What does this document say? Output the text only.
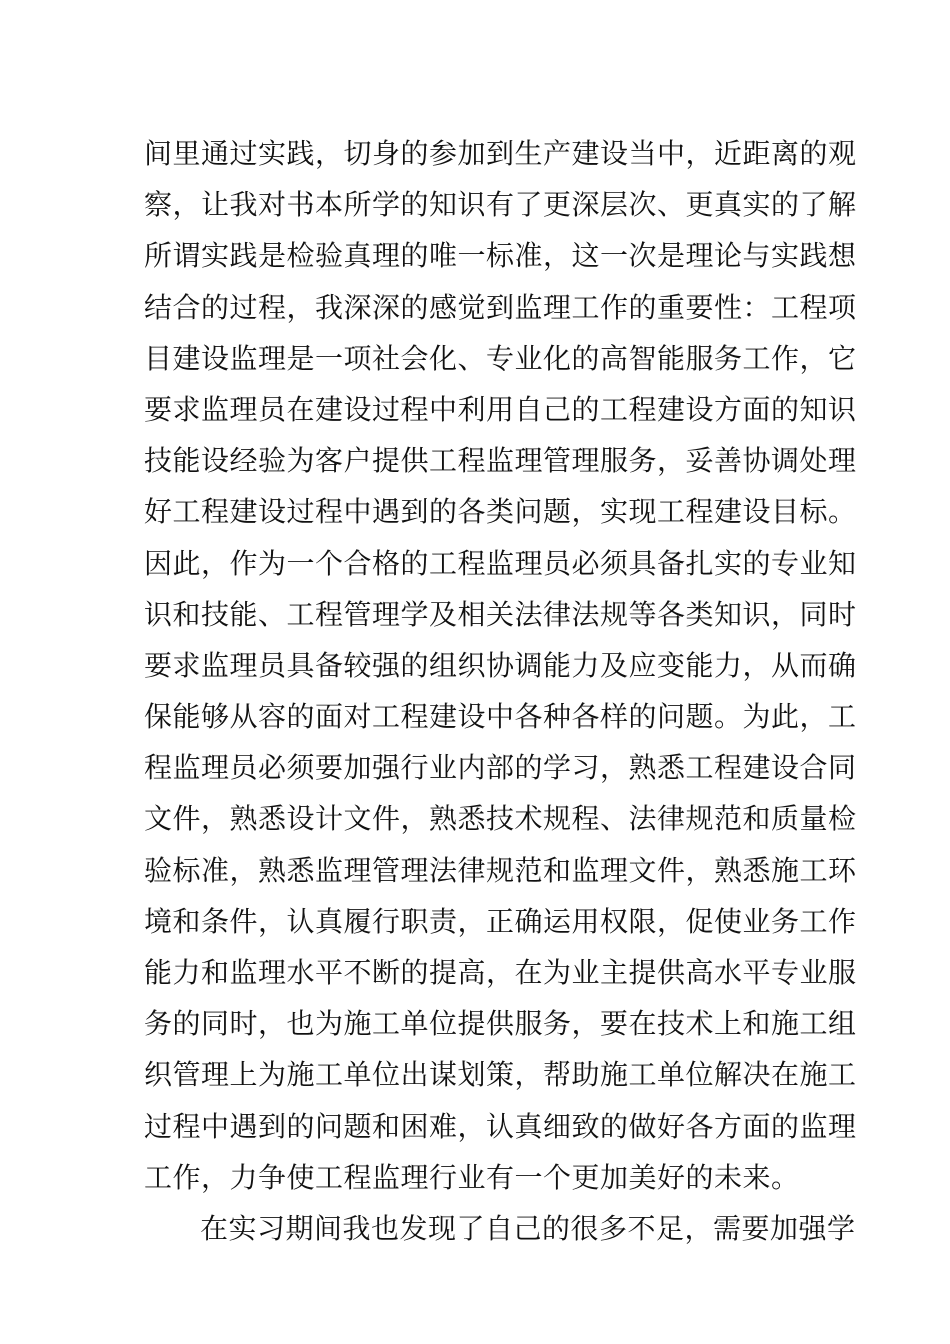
间里通过实践，切身的参加到生产建设当中，近距离的观
察，让我对书本所学的知识有了更深层次、更真实的了解
所谓实践是检验真理的唯一标准，这一次是理论与实践想
结合的过程，我深深的感觉到监理工作的重要性：工程项
目建设监理是一项社会化、专业化的高智能服务工作，它
要求监理员在建设过程中利用自己的工程建设方面的知识
技能设经验为客户提供工程监理管理服务，妥善协调处理
好工程建设过程中遇到的各类问题，实现工程建设目标。
因此，作为一个合格的工程监理员必须具备扎实的专业知
识和技能、工程管理学及相关法律法规等各类知识，同时
要求监理员具备较强的组织协调能力及应变能力，从而确
保能够从容的面对工程建设中各种各样的问题。为此，工
程监理员必须要加强行业内部的学习，熟悉工程建设合同
文件，熟悉设计文件，熟悉技术规程、法律规范和质量检
验标准，熟悉监理管理法律规范和监理文件，熟悉施工环
境和条件，认真履行职责，正确运用权限，促使业务工作
能力和监理水平不断的提高，在为业主提供高水平专业服
务的同时，也为施工单位提供服务，要在技术上和施工组
织管理上为施工单位出谋划策，帮助施工单位解决在施工
过程中遇到的问题和困难，认真细致的做好各方面的监理
工作，力争使工程监理行业有一个更加美好的未来。
在实习期间我也发现了自己的很多不足，需要加强学
